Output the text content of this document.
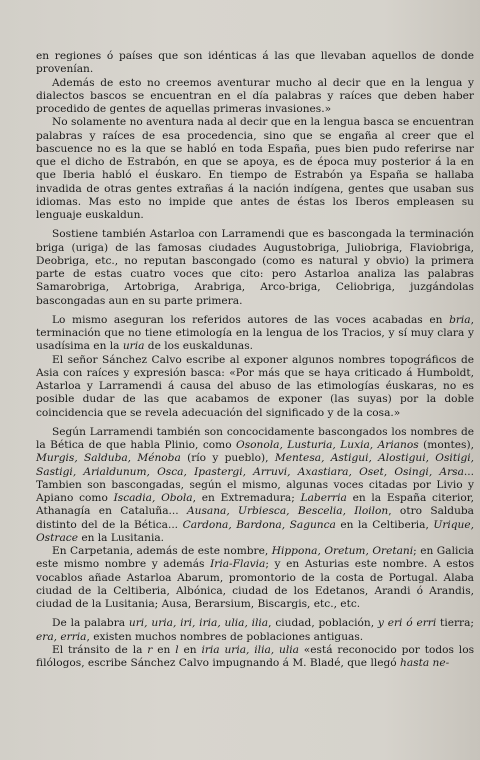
en regiones ó países que son idénticas á las que llevaban aquellos de donde provenían.

Además de esto no creemos aventurar mucho al decir que en la lengua y dialectos bascos se encuentran en el día palabras y raíces que deben haber procedido de gentes de aquellas primeras invasiones.»

No solamente no aventura nada al decir que en la lengua basca se encuentran palabras y raíces de esa procedencia, sino que se engaña al creer que el bascuence no es la que se habló en toda España, pues bien pudo referirse nar que el dicho de Estrabón, en que se apoya, es de época muy posterior á la en que Iberia habló el éuskaro. En tiempo de Estrabón ya España se hallaba invadida de otras gentes extrañas á la nación indígena, gentes que usaban sus idiomas. Mas esto no impide que antes de éstas los Iberos empleasen su lenguaje euskaldun.

Sostiene también Astarloa con Larramendi que es bascongada la terminación briga (uriga) de las famosas ciudades Augustobriga, Juliobriga, Flaviobriga, Deobriga, etc., no reputan bascongado (como es natural y obvio) la primera parte de estas cuatro voces que cito: pero Astarloa analiza las palabras Samarobriga, Artobriga, Arabriga, Arco-briga, Celiobriga, juzgándolas bascongadas aun en su parte primera.

Lo mismo aseguran los referidos autores de las voces acabadas en bria, terminación que no tiene etimología en la lengua de los Tracios, y sí muy clara y usadísima en la uria de los euskaldunas.

El señor Sánchez Calvo escribe al exponer algunos nombres topográficos de Asia con raíces y expresión basca: «Por más que se haya criticado á Humboldt, Astarloa y Larramendi á causa del abuso de las etimologías éuskaras, no es posible dudar de las que acabamos de exponer (las suyas) por la doble coincidencia que se revela adecuación del significado y de la cosa.»

Según Larramendi también son concocidamente bascongados los nombres de la Bética de que habla Plinio, como Osonola, Lusturia, Luxia, Arianos (montes), Murgis, Salduba, Ménoba (río y pueblo), Mentesa, Astigui, Alostigui, Ositigi, Sastigi, Arialdunum, Osca, Ipastergi, Arruvi, Axastiara, Oset, Osingi, Arsa... Tambien son bascongadas, según el mismo, algunas voces citadas por Livio y Apiano como Iscadia, Obola, en Extremadura; Laberria en la España citerior, Athanagía en Cataluña... Ausana, Urbiesca, Bescelia, Iloilon, otro Salduba distinto del de la Bética... Cardona, Bardona, Sagunca en la Celtiberia, Urique, Ostrace en la Lusitania.

En Carpetania, además de este nombre, Hippona, Oretum, Oretani; en Galicia este mismo nombre y además Iria-Flavia; y en Asturias este nombre. A estos vocablos añade Astarloa Abarum, promontorio de la costa de Portugal. Alaba ciudad de la Celtiberia, Albónica, ciudad de los Edetanos, Arandi ó Arandis, ciudad de la Lusitania; Ausa, Berarsium, Biscargis, etc., etc.

De la palabra uri, uria, iri, iria, ulia, ilia, ciudad, población, y eri ó erri tierra; era, erria, existen muchos nombres de poblaciones antiguas.

El tránsito de la r en l en iria uria, ilia, ulia «está reconocido por todos los filólogos, escribe Sánchez Calvo impugnando á M. Bladé, que llegó hasta ne-
